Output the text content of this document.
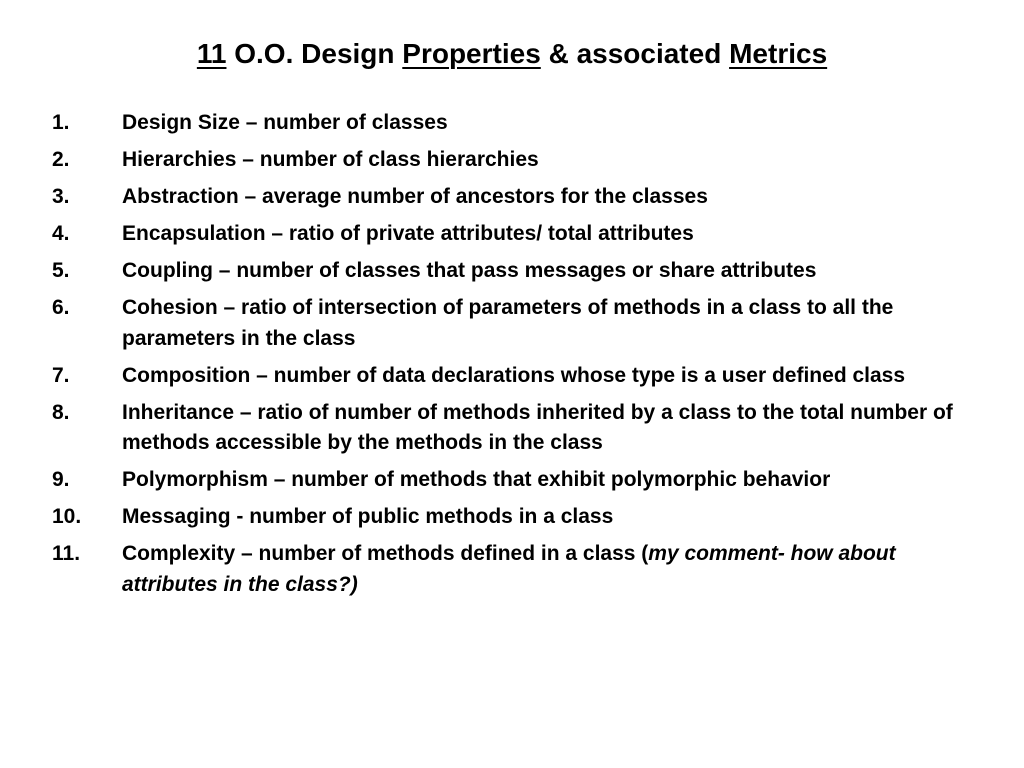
11 O.O. Design Properties & associated Metrics
1.	Design Size – number of classes
2.	Hierarchies – number of class hierarchies
3.	Abstraction – average number of ancestors for the classes
4.	Encapsulation – ratio of private attributes/ total attributes
5.	Coupling – number of classes that pass messages or share attributes
6.	Cohesion – ratio of intersection of parameters of methods in a class to all the parameters in the class
7.	Composition – number of data declarations whose type is a user defined class
8.	Inheritance – ratio of number of methods inherited by a class to the total number of methods accessible by the methods in the class
9.	Polymorphism – number of methods that exhibit polymorphic behavior
10.	Messaging - number of public methods in a class
11.	Complexity – number of methods defined in a class (my comment- how about attributes in the class?)
